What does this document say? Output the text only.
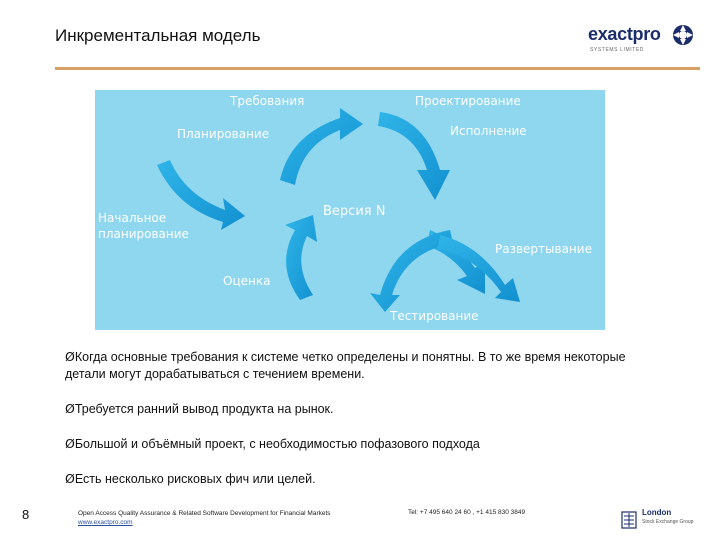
Инкрементальная модель	exactpro
SYSTEMS LIMITED
Требования	Проектирование
Планирование	Исполнение
Начальное
планирование
Версия N
Развертывание
Оценка
Тестирование
ØКогда основные требования к системе четко определены и понятны. В то же время некоторые детали могут дорабатываться с течением времени.
ØТребуется ранний вывод продукта на рынок.
ØБольшой и объёмный проект, с необходимостью пофазового подхода
ØЕсть несколько рисковых фич или целей.
8	Open Access Quality Assurance & Related Software Development for Financial Markets
www.exactpro.com
Tel: +7 495 640 24 60 , +1 415 830 3849	London
Stock Exchange Group
